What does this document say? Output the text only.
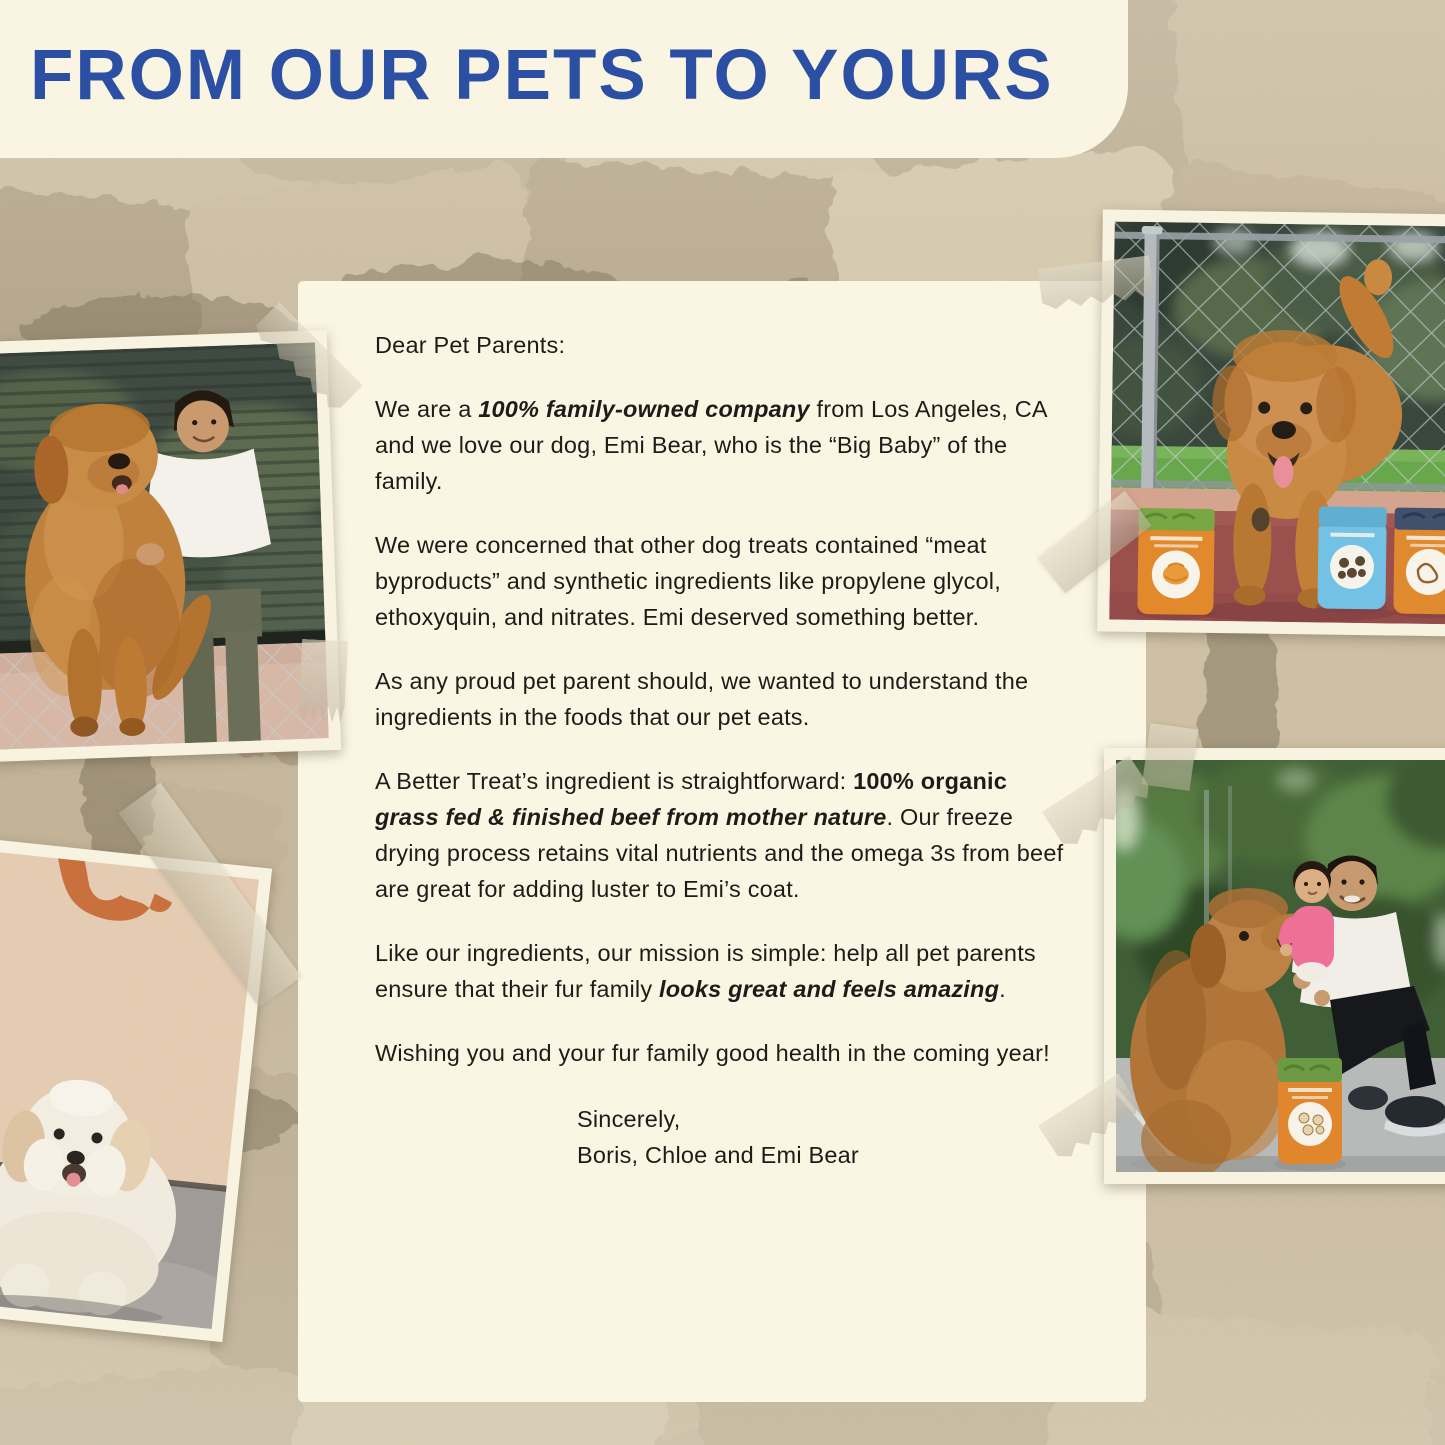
Dear Pet Parents:

We are a 100% family-owned company from Los Angeles, CA and we love our dog, Emi Bear, who is the “Big Baby” of the family.

We were concerned that other dog treats contained “meat byproducts” and synthetic ingredients like propylene glycol, ethoxyquin, and nitrates. Emi deserved something better.

As any proud pet parent should, we wanted to understand the ingredients in the foods that our pet eats.

A Better Treat’s ingredient is straightforward: 100% organic grass fed & finished beef from mother nature. Our freeze drying process retains vital nutrients and the omega 3s from beef are great for adding luster to Emi’s coat.

Like our ingredients, our mission is simple: help all pet parents ensure that their fur family looks great and feels amazing.

Wishing you and your fur family good health in the coming year!

Sincerely,
Boris, Chloe and Emi Bear
FROM OUR PETS TO YOURS
